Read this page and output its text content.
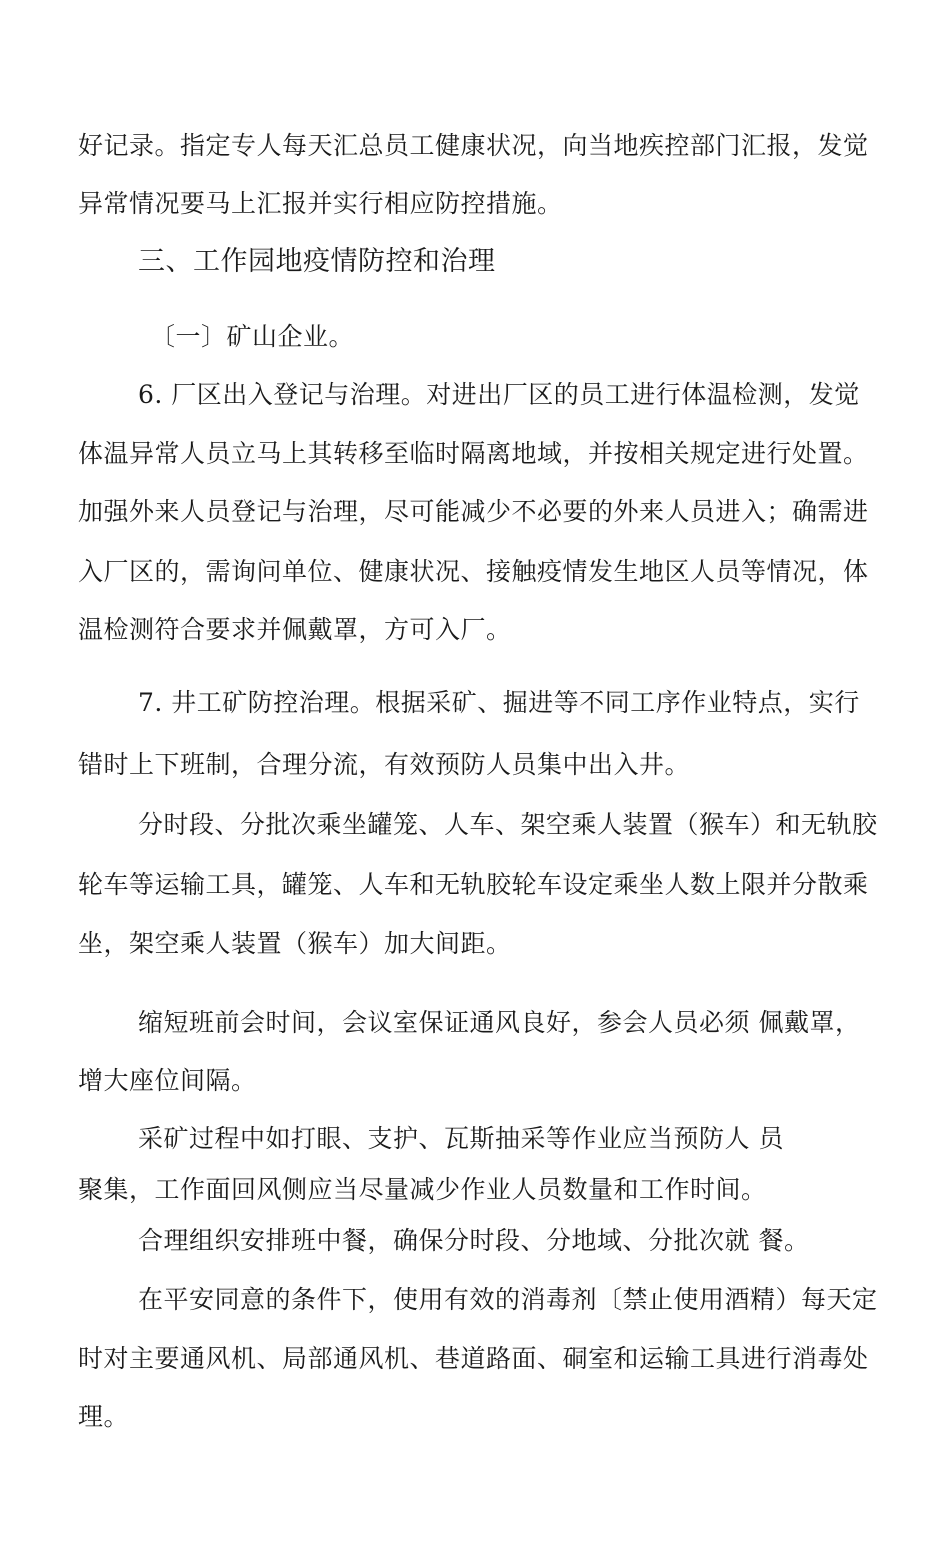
好记录。指定专人每天汇总员工健康状况，向当地疾控部门汇报，发觉
异常情况要马上汇报并实行相应防控措施。
三、工作园地疫情防控和治理
〔一〕矿山企业。
6. 厂区出入登记与治理。对进出厂区的员工进行体温检测，发觉
体温异常人员立马上其转移至临时隔离地域，并按相关规定进行处置。
加强外来人员登记与治理，尽可能减少不必要的外来人员进入；确需进
入厂区的，需询问单位、健康状况、接触疫情发生地区人员等情况，体
温检测符合要求并佩戴罩，方可入厂。
7. 井工矿防控治理。根据采矿、掘进等不同工序作业特点，实行
错时上下班制，合理分流，有效预防人员集中出入井。
分时段、分批次乘坐罐笼、人车、架空乘人装置（猴车）和无轨胶
轮车等运输工具，罐笼、人车和无轨胶轮车设定乘坐人数上限并分散乘
坐，架空乘人装置（猴车）加大间距。
缩短班前会时间，会议室保证通风良好，参会人员必须 佩戴罩，
增大座位间隔。
采矿过程中如打眼、支护、瓦斯抽采等作业应当预防人 员
聚集，工作面回风侧应当尽量减少作业人员数量和工作时间。
合理组织安排班中餐，确保分时段、分地域、分批次就 餐。
在平安同意的条件下，使用有效的消毒剂〔禁止使用酒精）每天定
时对主要通风机、局部通风机、巷道路面、硐室和运输工具进行消毒处
理。
